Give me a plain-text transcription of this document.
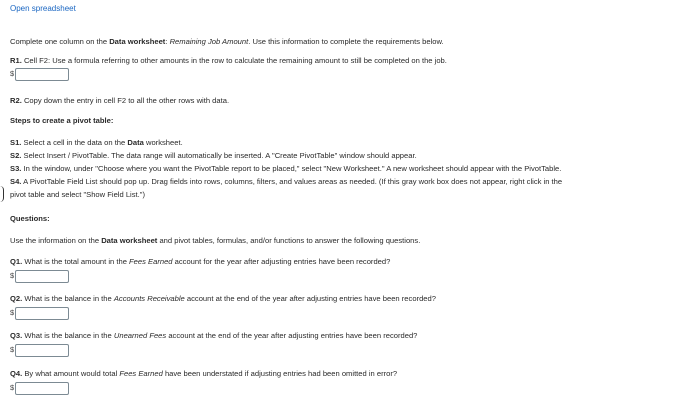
Open spreadsheet
Complete one column on the Data worksheet: Remaining Job Amount. Use this information to complete the requirements below.
R1. Cell F2: Use a formula referring to other amounts in the row to calculate the remaining amount to still be completed on the job.
$
R2. Copy down the entry in cell F2 to all the other rows with data.
Steps to create a pivot table:
S1. Select a cell in the data on the Data worksheet.
S2. Select Insert / PivotTable. The data range will automatically be inserted. A "Create PivotTable" window should appear.
S3. In the window, under "Choose where you want the PivotTable report to be placed," select "New Worksheet." A new worksheet should appear with the PivotTable.
S4. A PivotTable Field List should pop up. Drag fields into rows, columns, filters, and values areas as needed. (If this gray work box does not appear, right click in the
pivot table and select "Show Field List.")
Questions:
Use the information on the Data worksheet and pivot tables, formulas, and/or functions to answer the following questions.
Q1. What is the total amount in the Fees Earned account for the year after adjusting entries have been recorded?
$
Q2. What is the balance in the Accounts Receivable account at the end of the year after adjusting entries have been recorded?
$
Q3. What is the balance in the Unearned Fees account at the end of the year after adjusting entries have been recorded?
$
Q4. By what amount would total Fees Earned have been understated if adjusting entries had been omitted in error?
$
